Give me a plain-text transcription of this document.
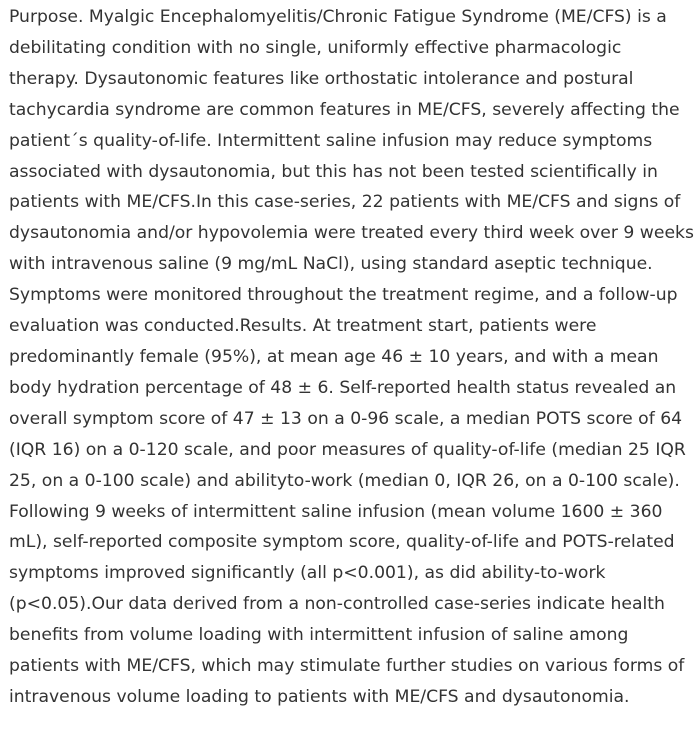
Purpose. Myalgic Encephalomyelitis/Chronic Fatigue Syndrome (ME/CFS) is a debilitating condition with no single, uniformly effective pharmacologic therapy. Dysautonomic features like orthostatic intolerance and postural tachycardia syndrome are common features in ME/CFS, severely affecting the patient´s quality-of-life. Intermittent saline infusion may reduce symptoms associated with dysautonomia, but this has not been tested scientifically in patients with ME/CFS.In this case-series, 22 patients with ME/CFS and signs of dysautonomia and/or hypovolemia were treated every third week over 9 weeks with intravenous saline (9 mg/mL NaCl), using standard aseptic technique. Symptoms were monitored throughout the treatment regime, and a follow-up evaluation was conducted.Results. At treatment start, patients were predominantly female (95%), at mean age 46 ± 10 years, and with a mean body hydration percentage of 48 ± 6. Self-reported health status revealed an overall symptom score of 47 ± 13 on a 0-96 scale, a median POTS score of 64 (IQR 16) on a 0-120 scale, and poor measures of quality-of-life (median 25 IQR 25, on a 0-100 scale) and abilityto-work (median 0, IQR 26, on a 0-100 scale). Following 9 weeks of intermittent saline infusion (mean volume 1600 ± 360 mL), self-reported composite symptom score, quality-of-life and POTS-related symptoms improved significantly (all p<0.001), as did ability-to-work (p<0.05).Our data derived from a non-controlled case-series indicate health benefits from volume loading with intermittent infusion of saline among patients with ME/CFS, which may stimulate further studies on various forms of intravenous volume loading to patients with ME/CFS and dysautonomia.
